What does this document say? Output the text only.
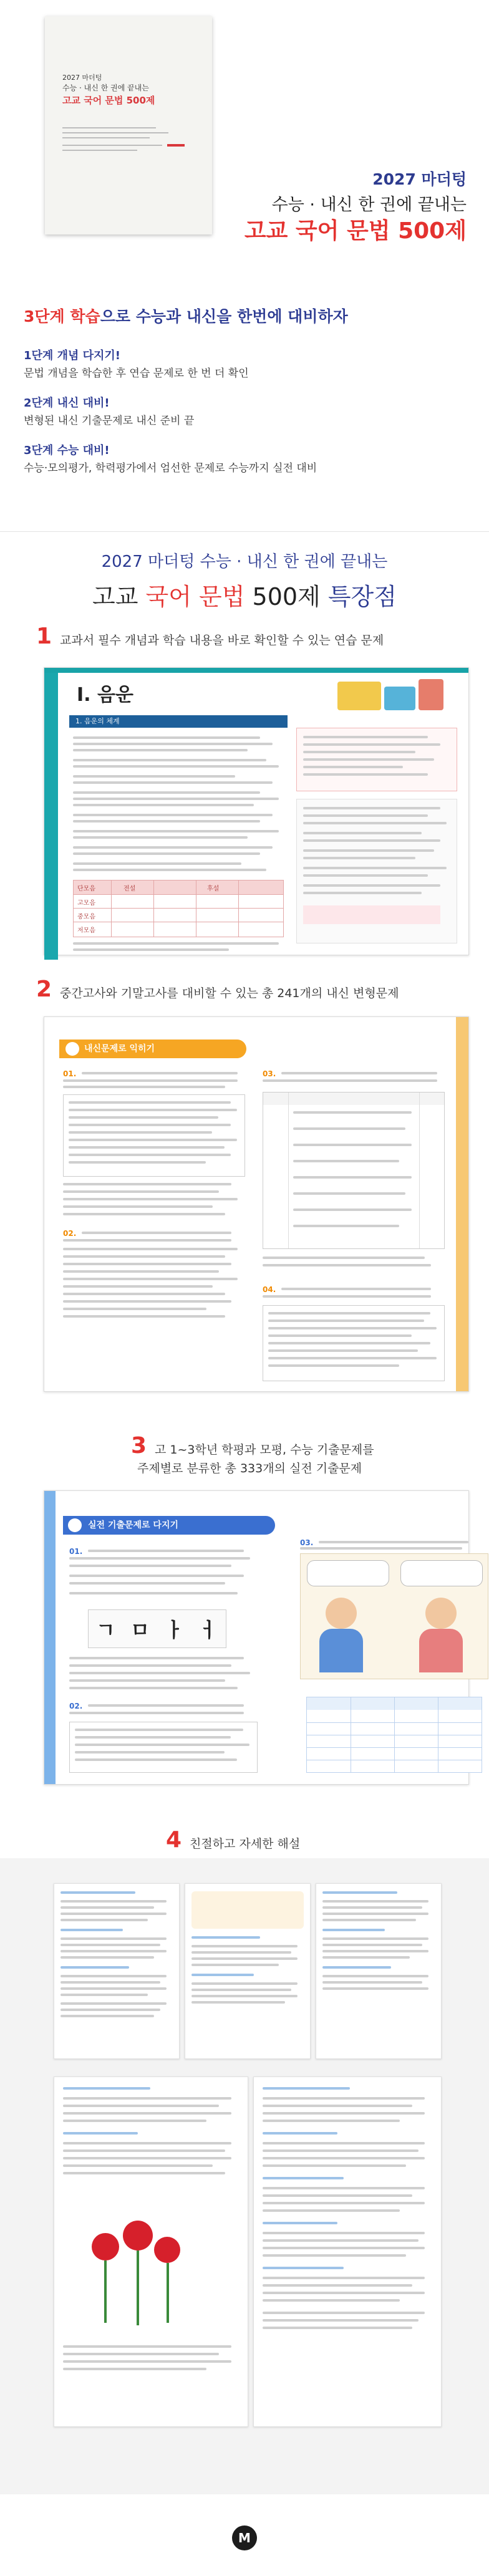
2027 마더텅
수능 · 내신 한 권에 끝내는
고교 국어 문법 500제
2027 마더텅
수능 · 내신 한 권에 끝내는
고교 국어 문법 500제
3단계 학습으로 수능과 내신을 한번에 대비하자
1단계 개념 다지기!
문법 개념을 학습한 후 연습 문제로 한 번 더 확인
2단계 내신 대비!
변형된 내신 기출문제로 내신 준비 끝
3단계 수능 대비!
수능·모의평가, 학력평가에서 엄선한 문제로 수능까지 실전 대비
2027 마더텅 수능 · 내신 한 권에 끝내는
고교 국어 문법 500제 특장점
1 교과서 필수 개념과 학습 내용을 바로 확인할 수 있는 연습 문제
Ⅰ. 음운
1. 음운의 체계
단모음	전설	후설
고모음
중모음
저모음
2 중간고사와 기말고사를 대비할 수 있는 총 241개의 내신 변형문제
내신문제로 익히기
01.
02.
03.
04.
3 고 1~3학년 학평과 모평, 수능 기출문제를
주제별로 분류한 총 333개의 실전 기출문제
실전 기출문제로 다지기
01.
ㄱ ㅁ ㅏ ㅓ
02.
03.
4 친절하고 자세한 해설
M
